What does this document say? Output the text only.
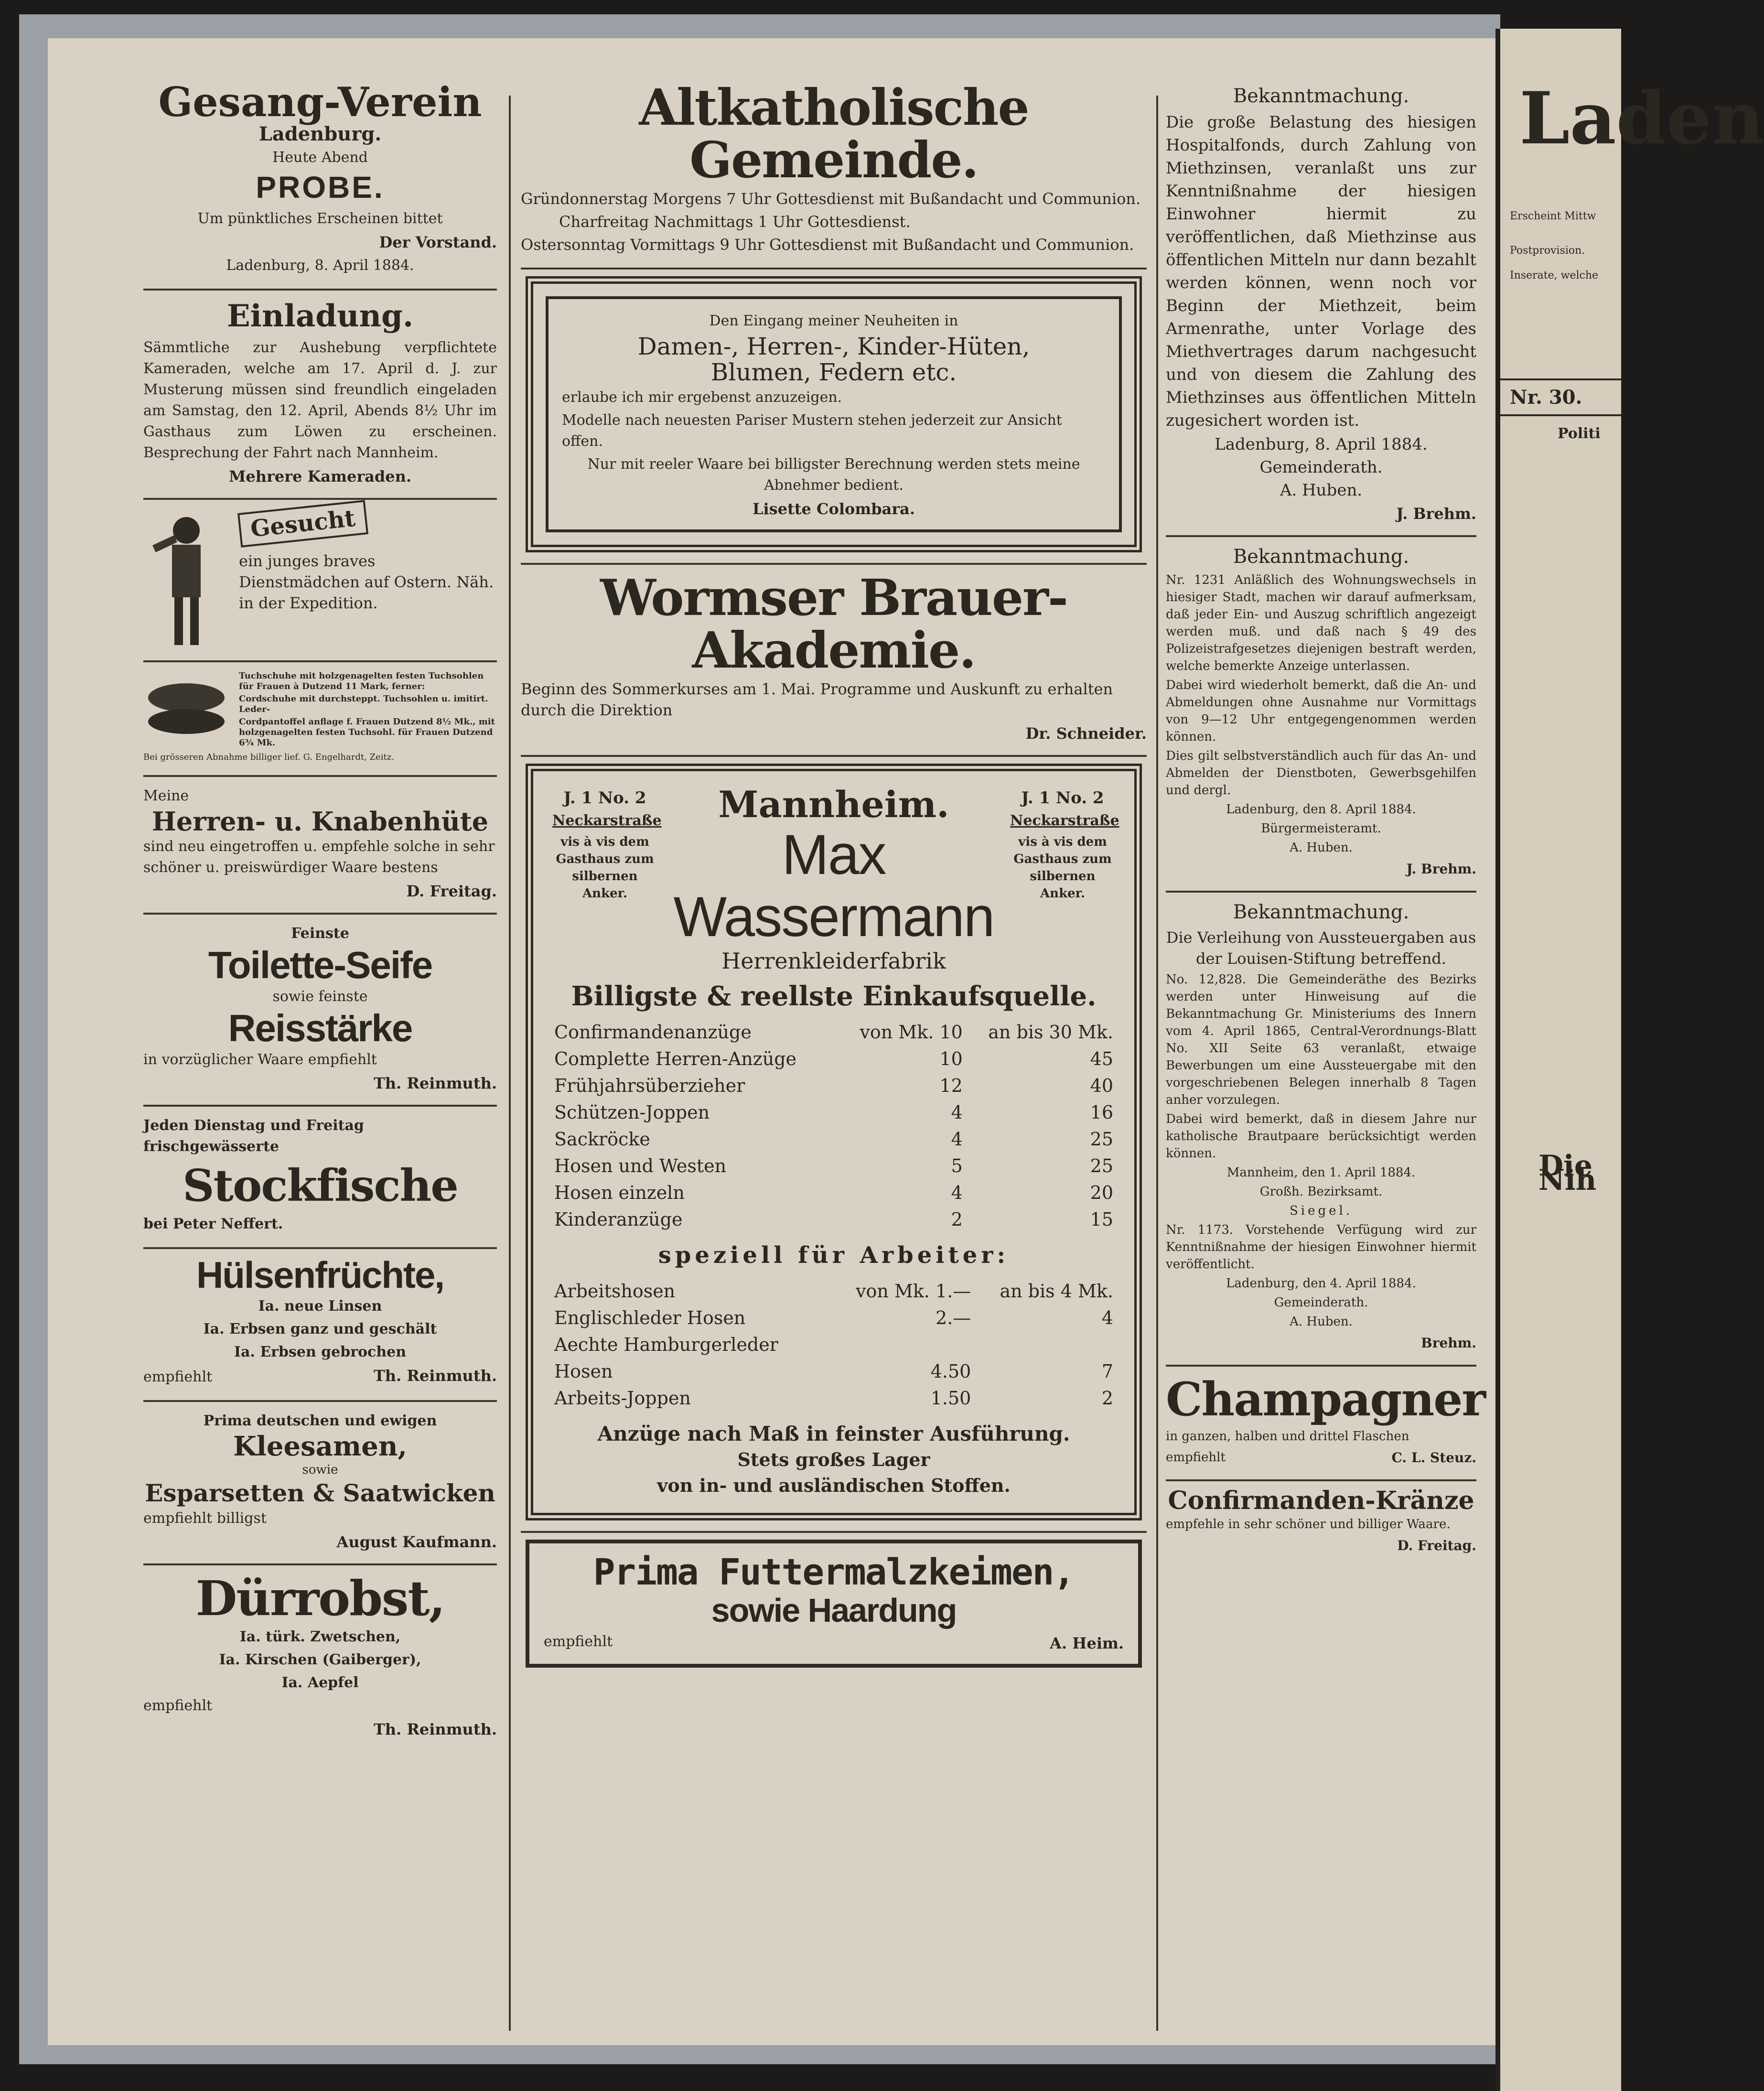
Gesang-Verein
Ladenburg.

Heute Abend

PROBE.

Um pünktliches Erscheinen bittet

Der Vorstand.

Ladenburg, 8. April 1884.

Einladung.

Sämmtliche zur Aushebung verpflichtete Kameraden, welche am 17. April d. J. zur Musterung müssen sind freundlich eingeladen am Samstag, den 12. April, Abends 8½ Uhr im Gasthaus zum Löwen zu erscheinen. Besprechung der Fahrt nach Mannheim.

Mehrere Kameraden.
Gesucht

ein junges braves Dienstmädchen auf Ostern. Näh. in der Expedition.

Tuchschuhe mit holzgenagelten festen Tuchsohlen für Frauen à Dutzend 11 Mark, ferner:

Cordschuhe mit durchsteppt. Tuchsohlen u. imitirt. Leder-

Cordpantoffel anflage f. Frauen Dutzend 8½ Mk., mit holzgenagelten festen Tuchsohl. für Frauen Dutzend 6¾ Mk.

Bei grösseren Abnahme billiger lief. G. Engelhardt, Zeitz.

Meine

Herren- u. Knabenhüte

sind neu eingetroffen u. empfehle solche in sehr schöner u. preiswürdiger Waare bestens

D. Freitag.

Feinste

Toilette-Seife

sowie feinste

Reisstärke

in vorzüglicher Waare empfiehlt

Th. Reinmuth.

Jeden Dienstag und Freitag frischgewässerte

Stockfische

bei Peter Neffert.

Hülsenfrüchte,

Ia. neue Linsen

Ia. Erbsen ganz und geschält

Ia. Erbsen gebrochen

empfiehlt	Th. Reinmuth.

Prima deutschen und ewigen

Kleesamen,

sowie

Esparsetten & Saatwicken

empfiehlt billigst

August Kaufmann.
Dürrobst,

Ia. türk. Zwetschen,

Ia. Kirschen (Gaiberger),

Ia. Aepfel

empfiehlt

Th. Reinmuth.
Altkatholische Gemeinde.

Gründonnerstag Morgens 7 Uhr Gottesdienst mit Bußandacht und Communion.

Charfreitag Nachmittags 1 Uhr Gottesdienst.

Ostersonntag Vormittags 9 Uhr Gottesdienst mit Bußandacht und Communion.

Den Eingang meiner Neuheiten in

Damen-, Herren-, Kinder-Hüten,
Blumen, Federn etc.

erlaube ich mir ergebenst anzuzeigen.

Modelle nach neuesten Pariser Mustern stehen jederzeit zur Ansicht offen.

Nur mit reeler Waare bei billigster Berechnung werden stets meine Abnehmer bedient.

Lisette Colombara.
Wormser Brauer-Akademie.

Beginn des Sommerkurses am 1. Mai. Programme und Auskunft zu erhalten durch die Direktion

Dr. Schneider.

J. 1 No. 2

Neckarstraße

vis à vis dem Gasthaus zum silbernen Anker.

Mannheim.
Max Wassermann
Herrenkleiderfabrik

J. 1 No. 2

Neckarstraße

vis à vis dem Gasthaus zum silbernen Anker.

Billigste & reellste Einkaufsquelle.
Confirmandenanzüge	von Mk. 10	an bis 30 Mk.
Complette Herren-Anzüge	10	45
Frühjahrsüberzieher	12	40
Schützen-Joppen	4	16
Sackröcke	4	25
Hosen und Westen	5	25
Hosen einzeln	4	20
Kinderanzüge	2	15
speziell für Arbeiter:
Arbeitshosen	von Mk. 1.—	an bis 4 Mk.
Englischleder Hosen	2.—	4
Aechte Hamburgerleder		
Hosen	4.50	7
Arbeits-Joppen	1.50	2
Anzüge nach Maß in feinster Ausführung.
Stets großes Lager
von in- und ausländischen Stoffen.
Prima Futtermalzkeimen,
sowie Haardung

empfiehlt	A. Heim.
Bekanntmachung.

Die große Belastung des hiesigen Hospitalfonds, durch Zahlung von Miethzinsen, veranlaßt uns zur Kenntnißnahme der hiesigen Einwohner hiermit zu veröffentlichen, daß Miethzinse aus öffentlichen Mitteln nur dann bezahlt werden können, wenn noch vor Beginn der Miethzeit, beim Armenrathe, unter Vorlage des Miethvertrages darum nachgesucht und von diesem die Zahlung des Miethzinses aus öffentlichen Mitteln zugesichert worden ist.

Ladenburg, 8. April 1884.

Gemeinderath.

A. Huben.

J. Brehm.
Bekanntmachung.

Nr. 1231 Anläßlich des Wohnungswechsels in hiesiger Stadt, machen wir darauf aufmerksam, daß jeder Ein- und Auszug schriftlich angezeigt werden muß. und daß nach § 49 des Polizeistrafgesetzes diejenigen bestraft werden, welche bemerkte Anzeige unterlassen.

Dabei wird wiederholt bemerkt, daß die An- und Abmeldungen ohne Ausnahme nur Vormittags von 9—12 Uhr entgegengenommen werden können.

Dies gilt selbstverständlich auch für das An- und Abmelden der Dienstboten, Gewerbsgehilfen und dergl.

Ladenburg, den 8. April 1884.

Bürgermeisteramt.

A. Huben.

J. Brehm.
Bekanntmachung.

Die Verleihung von Aussteuergaben aus der Louisen-Stiftung betreffend.

No. 12,828. Die Gemeinderäthe des Bezirks werden unter Hinweisung auf die Bekanntmachung Gr. Ministeriums des Innern vom 4. April 1865, Central-Verordnungs-Blatt No. XII Seite 63 veranlaßt, etwaige Bewerbungen um eine Aussteuergabe mit den vorgeschriebenen Belegen innerhalb 8 Tagen anher vorzulegen.

Dabei wird bemerkt, daß in diesem Jahre nur katholische Brautpaare berücksichtigt werden können.

Mannheim, den 1. April 1884.

Großh. Bezirksamt.

Siegel.

Nr. 1173. Vorstehende Verfügung wird zur Kenntnißnahme der hiesigen Einwohner hiermit veröffentlicht.

Ladenburg, den 4. April 1884.

Gemeinderath.

A. Huben.

Brehm.
Champagner

in ganzen, halben und drittel Flaschen

empfiehlt	C. L. Steuz.
Confirmanden-Kränze

empfehle in sehr schöner und billiger Waare.

D. Freitag.
Laden

Erscheint Mittw

Postprovision.

Inserate, welche

Nr. 30.

Politi

Die Nih
